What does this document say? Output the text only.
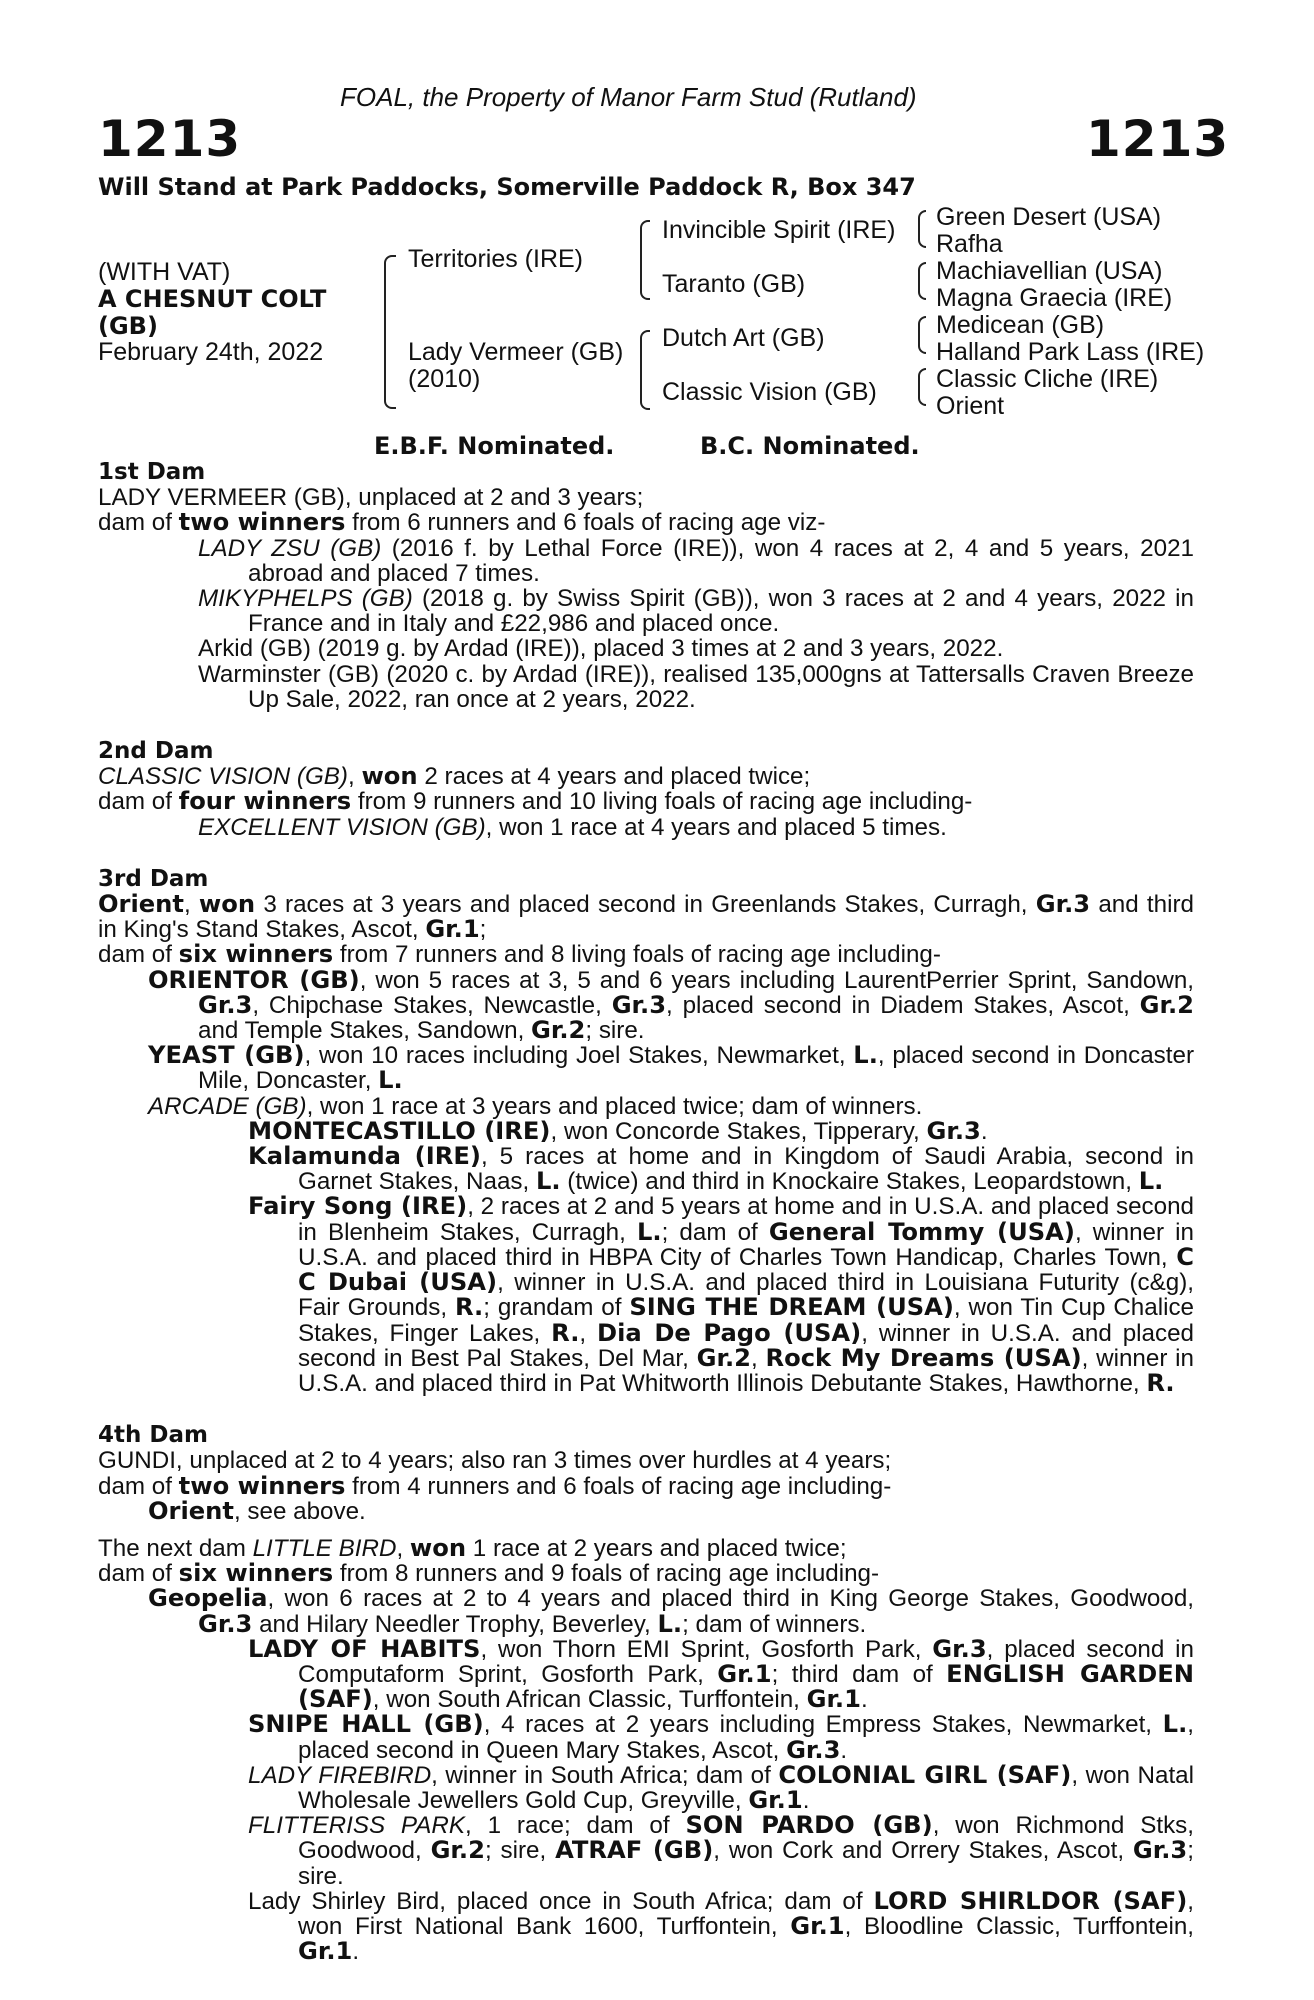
FOAL, the Property of Manor Farm Stud (Rutland)
1213	1213
Will Stand at Park Paddocks, Somerville Paddock R, Box 347
(WITH VAT)
A CHESNUT COLT
(GB)
February 24th, 2022
Territories (IRE)
Lady Vermeer (GB)
(2010)
Invincible Spirit (IRE)
Taranto (GB)
Dutch Art (GB)
Classic Vision (GB)
Green Desert (USA)
Rafha
Machiavellian (USA)
Magna Graecia (IRE)
Medicean (GB)
Halland Park Lass (IRE)
Classic Cliche (IRE)
Orient
E.B.F. Nominated.	B.C. Nominated.
1st Dam
LADY VERMEER (GB), unplaced at 2 and 3 years;
dam of two winners from 6 runners and 6 foals of racing age viz-
LADY ZSU (GB) (2016 f. by Lethal Force (IRE)), won 4 races at 2, 4 and 5 years, 2021 abroad and placed 7 times.
MIKYPHELPS (GB) (2018 g. by Swiss Spirit (GB)), won 3 races at 2 and 4 years, 2022 in France and in Italy and £22,986 and placed once.
Arkid (GB) (2019 g. by Ardad (IRE)), placed 3 times at 2 and 3 years, 2022.
Warminster (GB) (2020 c. by Ardad (IRE)), realised 135,000gns at Tattersalls Craven Breeze Up Sale, 2022, ran once at 2 years, 2022.
2nd Dam
CLASSIC VISION (GB), won 2 races at 4 years and placed twice;
dam of four winners from 9 runners and 10 living foals of racing age including-
EXCELLENT VISION (GB), won 1 race at 4 years and placed 5 times.
3rd Dam
Orient, won 3 races at 3 years and placed second in Greenlands Stakes, Curragh, Gr.3 and third in King's Stand Stakes, Ascot, Gr.1;
dam of six winners from 7 runners and 8 living foals of racing age including-
ORIENTOR (GB), won 5 races at 3, 5 and 6 years including LaurentPerrier Sprint, Sandown, Gr.3, Chipchase Stakes, Newcastle, Gr.3, placed second in Diadem Stakes, Ascot, Gr.2 and Temple Stakes, Sandown, Gr.2; sire.
YEAST (GB), won 10 races including Joel Stakes, Newmarket, L., placed second in Doncaster Mile, Doncaster, L.
ARCADE (GB), won 1 race at 3 years and placed twice; dam of winners.
MONTECASTILLO (IRE), won Concorde Stakes, Tipperary, Gr.3.
Kalamunda (IRE), 5 races at home and in Kingdom of Saudi Arabia, second in Garnet Stakes, Naas, L. (twice) and third in Knockaire Stakes, Leopardstown, L.
Fairy Song (IRE), 2 races at 2 and 5 years at home and in U.S.A. and placed second in Blenheim Stakes, Curragh, L.; dam of General Tommy (USA), winner in U.S.A. and placed third in HBPA City of Charles Town Handicap, Charles Town, C C Dubai (USA), winner in U.S.A. and placed third in Louisiana Futurity (c&g), Fair Grounds, R.; grandam of SING THE DREAM (USA), won Tin Cup Chalice Stakes, Finger Lakes, R., Dia De Pago (USA), winner in U.S.A. and placed second in Best Pal Stakes, Del Mar, Gr.2, Rock My Dreams (USA), winner in U.S.A. and placed third in Pat Whitworth Illinois Debutante Stakes, Hawthorne, R.
4th Dam
GUNDI, unplaced at 2 to 4 years; also ran 3 times over hurdles at 4 years;
dam of two winners from 4 runners and 6 foals of racing age including-
Orient, see above.
The next dam LITTLE BIRD, won 1 race at 2 years and placed twice;
dam of six winners from 8 runners and 9 foals of racing age including-
Geopelia, won 6 races at 2 to 4 years and placed third in King George Stakes, Goodwood, Gr.3 and Hilary Needler Trophy, Beverley, L.; dam of winners.
LADY OF HABITS, won Thorn EMI Sprint, Gosforth Park, Gr.3, placed second in Computaform Sprint, Gosforth Park, Gr.1; third dam of ENGLISH GARDEN (SAF), won South African Classic, Turffontein, Gr.1.
SNIPE HALL (GB), 4 races at 2 years including Empress Stakes, Newmarket, L., placed second in Queen Mary Stakes, Ascot, Gr.3.
LADY FIREBIRD, winner in South Africa; dam of COLONIAL GIRL (SAF), won Natal Wholesale Jewellers Gold Cup, Greyville, Gr.1.
FLITTERISS PARK, 1 race; dam of SON PARDO (GB), won Richmond Stks, Goodwood, Gr.2; sire, ATRAF (GB), won Cork and Orrery Stakes, Ascot, Gr.3; sire.
Lady Shirley Bird, placed once in South Africa; dam of LORD SHIRLDOR (SAF), won First National Bank 1600, Turffontein, Gr.1, Bloodline Classic, Turffontein, Gr.1.
